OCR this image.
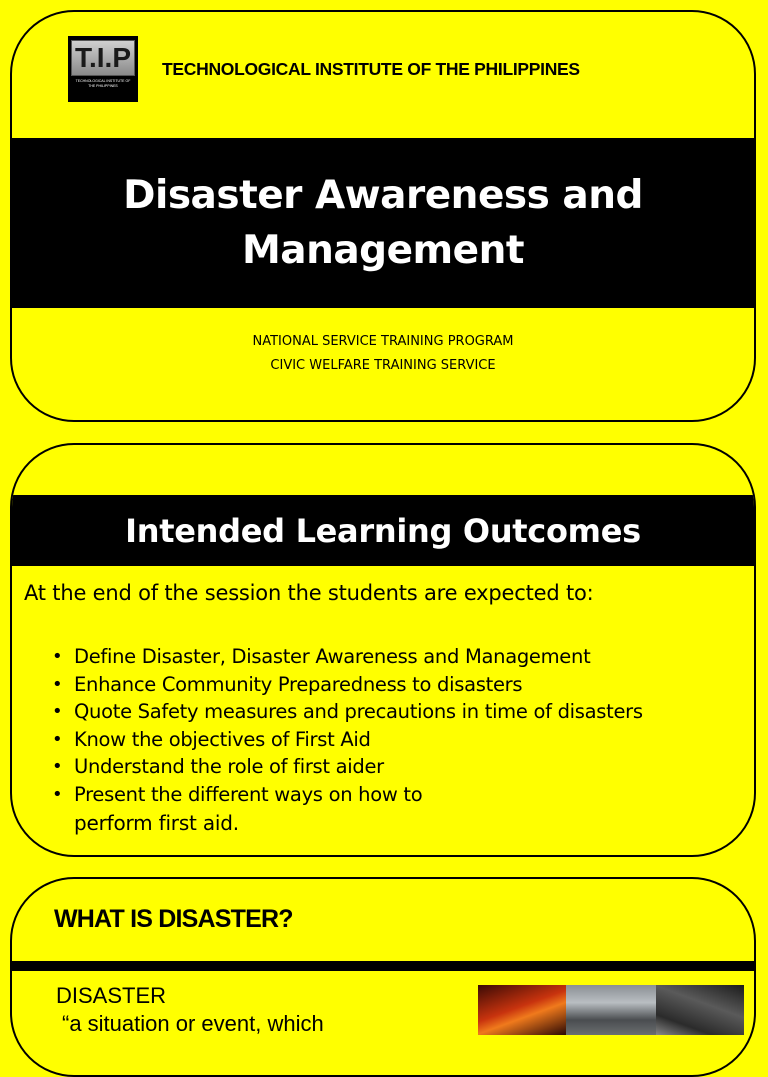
T.I.P
TECHNOLOGICAL INSTITUTE OF THE PHILIPPINES
TECHNOLOGICAL INSTITUTE OF THE PHILIPPINES
Disaster Awareness and
Management
NATIONAL SERVICE TRAINING PROGRAM
CIVIC WELFARE TRAINING SERVICE
Intended Learning Outcomes
At the end of the session the students are expected to:
• Define Disaster, Disaster Awareness and Management
• Enhance Community Preparedness to disasters
• Quote Safety measures and precautions in time of disasters
• Know the objectives of First Aid
• Understand the role of first aider
• Present the different ways on how to
perform first aid.
WHAT IS DISASTER?
DISASTER
“a situation or event, which
